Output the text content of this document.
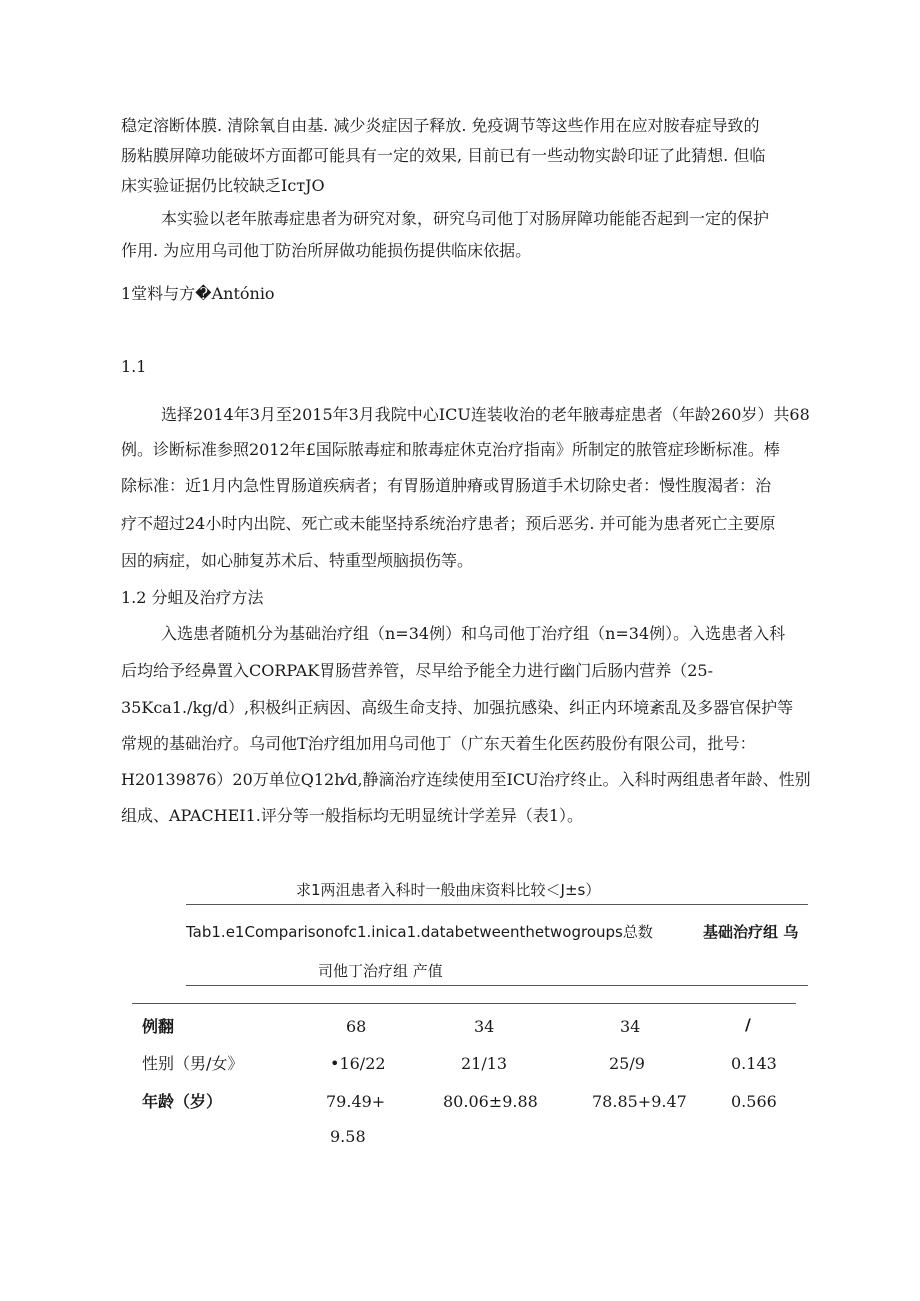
稳定溶断体膜. 清除氧自由基. 减少炎症因子释放. 免疫调节等这些作用在应对胺春症导致的
肠粘膜屏障功能破坏方面都可能具有一定的效果, 目前已有一些动物实龄印证了此猜想. 但临
床实验证据仍比较缺乏IcтJO
本实验以老年脓毒症患者为研究对象，研究乌司他丁对肠屏障功能能否起到一定的保护
作用. 为应用乌司他丁防治所屏做功能损伤提供临床依据。
1堂料与方�António
1.1
选择2014年3月至2015年3月我院中心ICU连装收治的老年腋毒症患者（年龄260岁）共68
例。诊断标准参照2012年£国际脓毒症和脓毒症休克治疗指南》所制定的脓管症珍断标准。棒
除标准：近1月内急性胃肠道疾病者；有胃肠道肿瘠或胃肠道手术切除史者：慢性腹渴者：治
疗不超过24小时内出院、死亡或未能坚持系统治疗患者；预后恶劣. 并可能为患者死亡主要原
因的病症，如心肺复苏术后、特重型颅脑损伤等。
1.2 分蛆及治疗方法
入选患者随机分为基础治疗组（n=34例）和乌司他丁治疗组（n=34例）。入选患者入科
后均给予经鼻置入CORPAK胃肠营养管，尽早给予能全力进行幽门后肠内营养（25-
35Kca1./kg/d）,积极纠正病因、高级生命支持、加强抗感染、纠正内环境紊乱及多器官保护等
常规的基础治疗。乌司他T治疗组加用乌司他丁（广东天着生化医药股份有限公司，批号：
H20139876）20万单位Q12h⁄d,静滴治疗连续使用至ICU治疗终止。入科时两组患者年龄、性别
组成、APACHEI1.评分等一般指标均无明显统计学差异（表1）。
求1两沮患者入科时一般曲床资料比较＜J±s）
Tab1.e1Comparisonofc1.inica1.databetweenthetwogroups总数	基础治疗组 乌
司他丁治疗组 产值
例翻	68	34	34	/
性别（男/女》	•16/22	21/13	25/9	0.143
年龄（岁）	79.49+	80.06±9.88	78.85+9.47	0.566
9.58
